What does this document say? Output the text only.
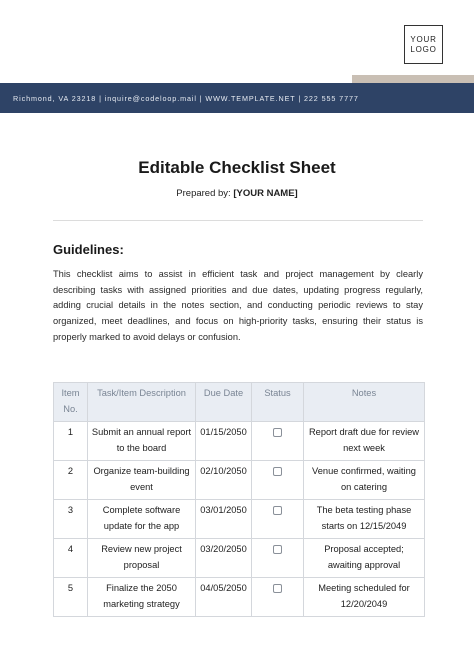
YOUR
LOGO
Richmond, VA 23218 | inquire@codeloop.mail | WWW.TEMPLATE.NET | 222 555 7777
Editable Checklist Sheet
Prepared by: [YOUR NAME]
Guidelines:
This checklist aims to assist in efficient task and project management by clearly describing tasks with assigned priorities and due dates, updating progress regularly, adding crucial details in the notes section, and conducting periodic reviews to stay organized, meet deadlines, and focus on high-priority tasks, ensuring their status is properly marked to avoid delays or confusion.
Item No.	Task/Item Description	Due Date	Status	Notes
1	Submit an annual report to the board	01/15/2050		Report draft due for review next week
2	Organize team-building event	02/10/2050		Venue confirmed, waiting on catering
3	Complete software update for the app	03/01/2050		The beta testing phase starts on 12/15/2049
4	Review new project proposal	03/20/2050		Proposal accepted; awaiting approval
5	Finalize the 2050 marketing strategy	04/05/2050		Meeting scheduled for 12/20/2049
